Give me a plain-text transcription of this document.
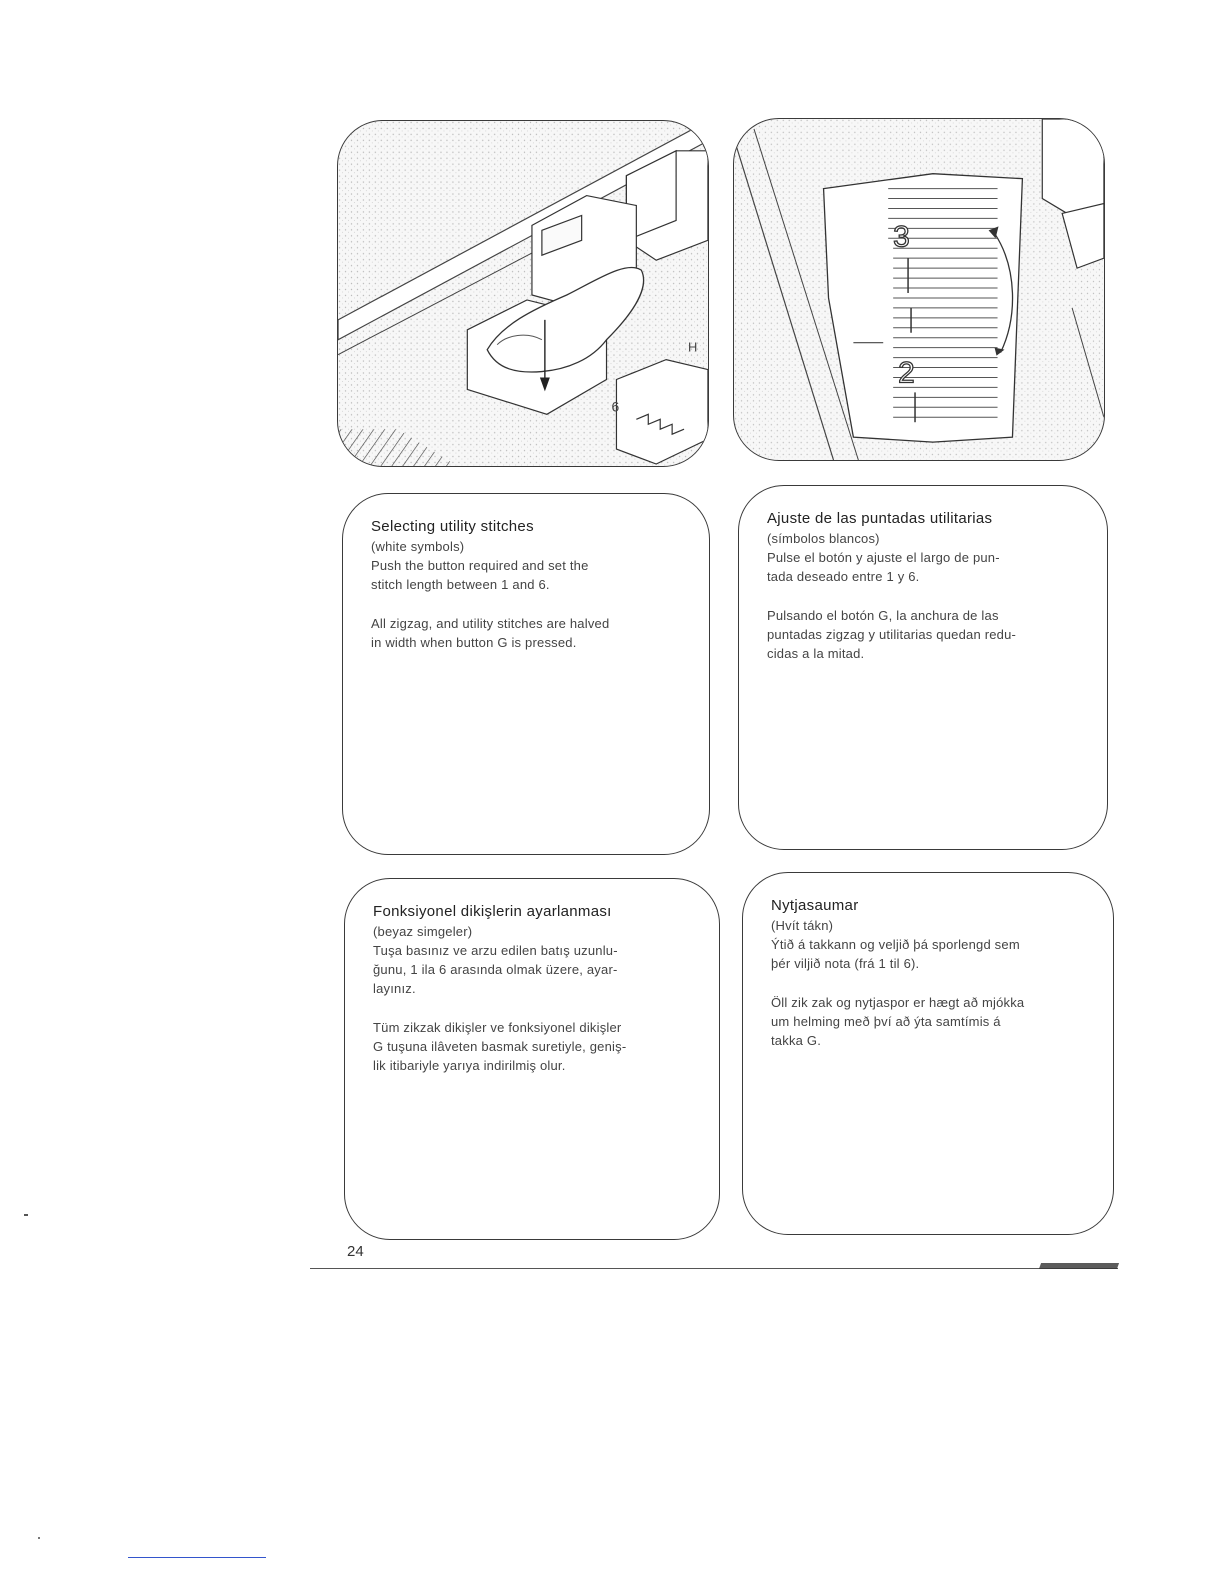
6
H
3
2

Selecting utility stitches

(white symbols)

Push the button required and set the

stitch length between 1 and 6.

All zigzag, and utility stitches are halved

in width when button G is pressed.

Ajuste de las puntadas utilitarias

(símbolos blancos)

Pulse el botón y ajuste el largo de pun-

tada deseado entre 1 y 6.

Pulsando el botón G, la anchura de las

puntadas zigzag y utilitarias quedan redu-

cidas a la mitad.

Fonksiyonel dikişlerin ayarlanması

(beyaz simgeler)

Tuşa basınız ve arzu edilen batış uzunlu-

ğunu, 1 ila 6 arasında olmak üzere, ayar-

layınız.

Tüm zikzak dikişler ve fonksiyonel dikişler

G tuşuna ilâveten basmak suretiyle, geniş-

lik itibariyle yarıya indirilmiş olur.

Nytjasaumar

(Hvít tákn)

Ýtið á takkann og veljið þá sporlengd sem

þér viljið nota (frá 1 til 6).

Öll zik zak og nytjaspor er hægt að mjókka

um helming með því að ýta samtímis á

takka G.

24
